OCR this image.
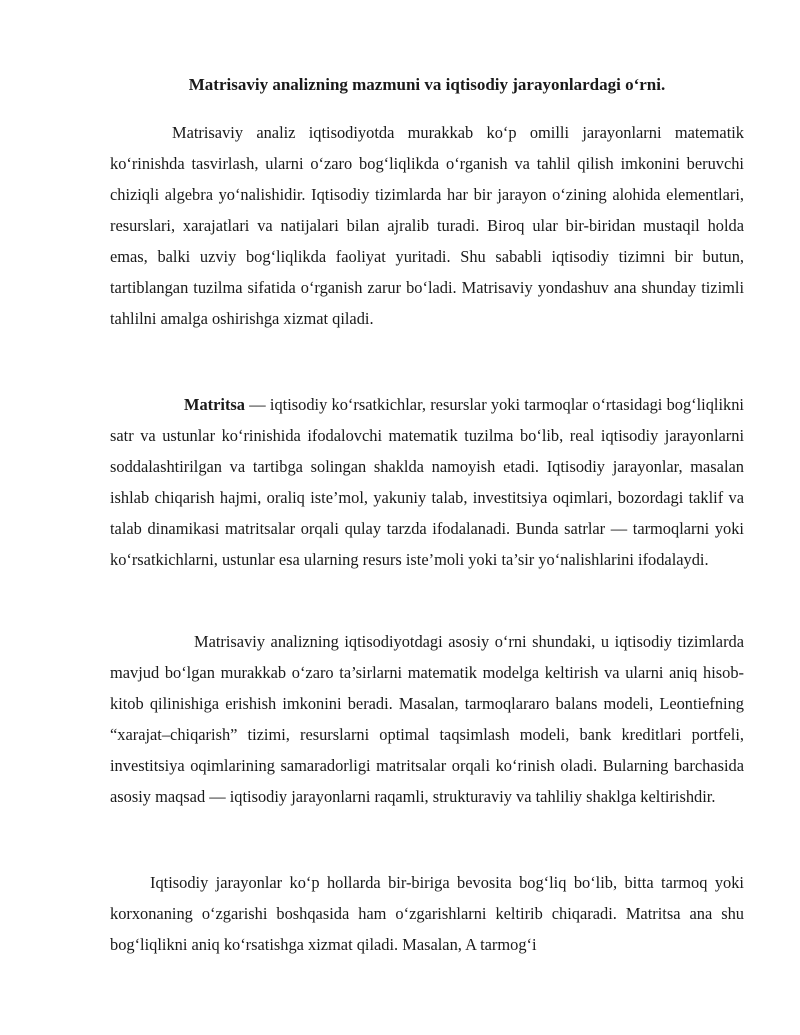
Matrisaviy analizning mazmuni va iqtisodiy jarayonlardagi o‘rni.

Matrisaviy analiz iqtisodiyotda murakkab ko‘p omilli jarayonlarni matematik ko‘rinishda tasvirlash, ularni o‘zaro bog‘liqlikda o‘rganish va tahlil qilish imkonini beruvchi chiziqli algebra yo‘nalishidir. Iqtisodiy tizimlarda har bir jarayon o‘zining alohida elementlari, resurslari, xarajatlari va natijalari bilan ajralib turadi. Biroq ular bir-biridan mustaqil holda emas, balki uzviy bog‘liqlikda faoliyat yuritadi. Shu sababli iqtisodiy tizimni bir butun, tartiblangan tuzilma sifatida o‘rganish zarur bo‘ladi. Matrisaviy yondashuv ana shunday tizimli tahlilni amalga oshirishga xizmat qiladi.

Matritsa — iqtisodiy ko‘rsatkichlar, resurslar yoki tarmoqlar o‘rtasidagi bog‘liqlikni satr va ustunlar ko‘rinishida ifodalovchi matematik tuzilma bo‘lib, real iqtisodiy jarayonlarni soddalashtirilgan va tartibga solingan shaklda namoyish etadi. Iqtisodiy jarayonlar, masalan ishlab chiqarish hajmi, oraliq iste’mol, yakuniy talab, investitsiya oqimlari, bozordagi taklif va talab dinamikasi matritsalar orqali qulay tarzda ifodalanadi. Bunda satrlar — tarmoqlarni yoki ko‘rsatkichlarni, ustunlar esa ularning resurs iste’moli yoki ta’sir yo‘nalishlarini ifodalaydi.

Matrisaviy analizning iqtisodiyotdagi asosiy o‘rni shundaki, u iqtisodiy tizimlarda mavjud bo‘lgan murakkab o‘zaro ta’sirlarni matematik modelga keltirish va ularni aniq hisob-kitob qilinishiga erishish imkonini beradi. Masalan, tarmoqlararo balans modeli, Leontiefning “xarajat–chiqarish” tizimi, resurslarni optimal taqsimlash modeli, bank kreditlari portfeli, investitsiya oqimlarining samaradorligi matritsalar orqali ko‘rinish oladi. Bularning barchasida asosiy maqsad — iqtisodiy jarayonlarni raqamli, strukturaviy va tahliliy shaklga keltirishdir.

Iqtisodiy jarayonlar ko‘p hollarda bir-biriga bevosita bog‘liq bo‘lib, bitta tarmoq yoki korxonaning o‘zgarishi boshqasida ham o‘zgarishlarni keltirib chiqaradi. Matritsa ana shu bog‘liqlikni aniq ko‘rsatishga xizmat qiladi. Masalan, A tarmog‘i
